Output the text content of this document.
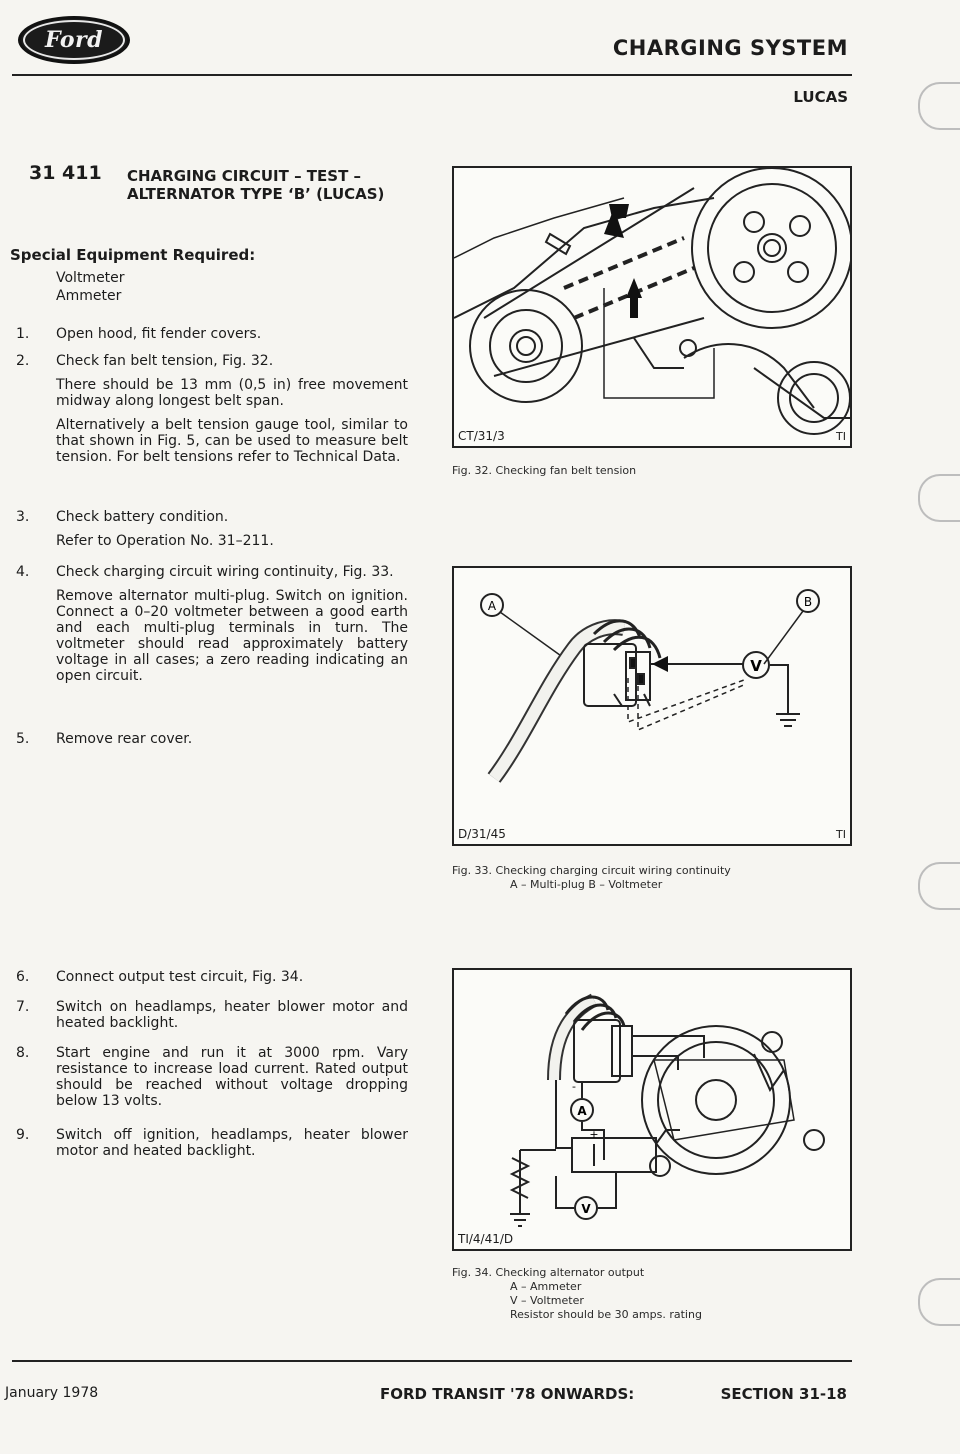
Ford	CHARGING SYSTEM
LUCAS
31 411 CHARGING CIRCUIT – TEST – ALTERNATOR TYPE ‘B’ (LUCAS)
Special Equipment Required:
Voltmeter
Ammeter
1.	Open hood, fit fender covers.

2.	Check fan belt tension, Fig. 32.

There should be 13 mm (0,5 in) free movement midway along longest belt span.

Alternatively a belt tension gauge tool, similar to that shown in Fig. 5, can be used to measure belt tension. For belt tensions refer to Technical Data.

3.	Check battery condition.

Refer to Operation No. 31–211.

4.	Check charging circuit wiring continuity, Fig. 33.

Remove alternator multi-plug. Switch on ignition. Connect a 0–20 voltmeter between a good earth and each multi-plug terminals in turn. The voltmeter should read approximately battery voltage in all cases; a zero reading indicating an open circuit.

5.	Remove rear cover.

6.	Connect output test circuit, Fig. 34.

7.	Switch on headlamps, heater blower motor and heated backlight.

8.	Start engine and run it at 3000 rpm. Vary resistance to increase load current. Rated output should be reached without voltage dropping below 13 volts.

9.	Switch off ignition, headlamps, heater blower motor and heated backlight.

CT/31/3	TI
Fig. 32. Checking fan belt tension
A	B
V
D/31/45	TI
Fig. 33. Checking charging circuit wiring continuity
A – Multi-plug B – Voltmeter
A
V
+
-
TI/4/41/D
Fig. 34. Checking alternator output
A – Ammeter
V – Voltmeter
Resistor should be 30 amps. rating
January 1978	FORD TRANSIT '78 ONWARDS:	SECTION 31-18
